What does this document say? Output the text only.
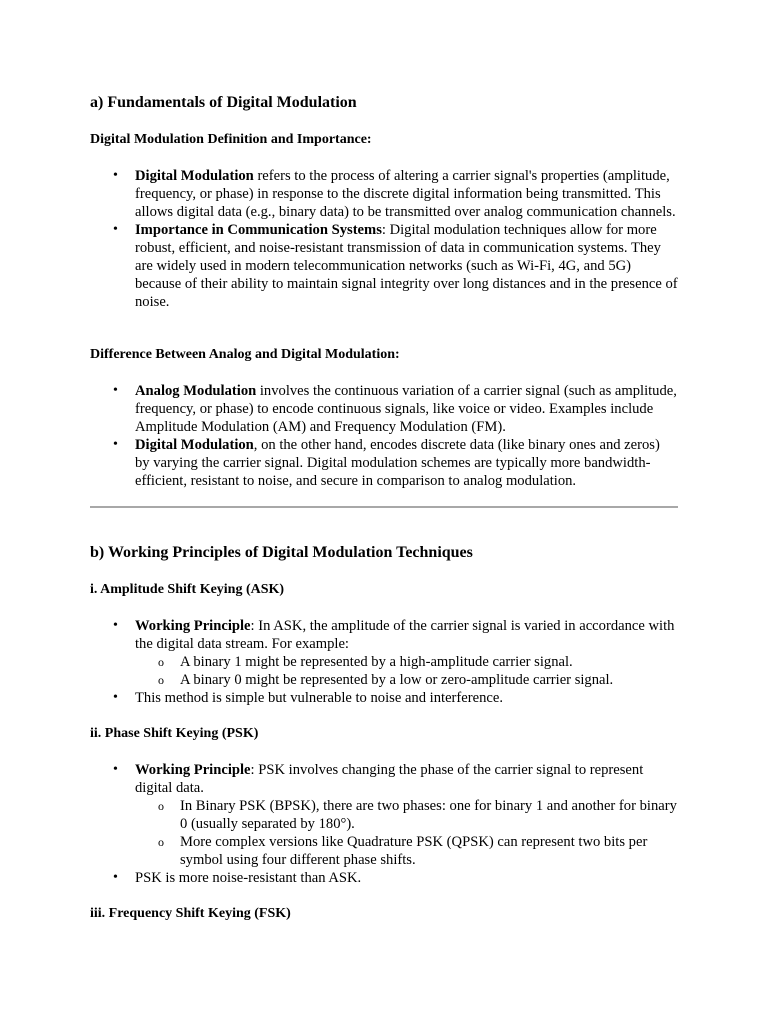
a) Fundamentals of Digital Modulation
Digital Modulation Definition and Importance:
• Digital Modulation refers to the process of altering a carrier signal's properties (amplitude, frequency, or phase) in response to the discrete digital information being transmitted. This allows digital data (e.g., binary data) to be transmitted over analog communication channels.
• Importance in Communication Systems: Digital modulation techniques allow for more robust, efficient, and noise-resistant transmission of data in communication systems. They are widely used in modern telecommunication networks (such as Wi-Fi, 4G, and 5G) because of their ability to maintain signal integrity over long distances and in the presence of noise.
Difference Between Analog and Digital Modulation:
• Analog Modulation involves the continuous variation of a carrier signal (such as amplitude, frequency, or phase) to encode continuous signals, like voice or video. Examples include Amplitude Modulation (AM) and Frequency Modulation (FM).
• Digital Modulation, on the other hand, encodes discrete data (like binary ones and zeros) by varying the carrier signal. Digital modulation schemes are typically more bandwidth-efficient, resistant to noise, and secure in comparison to analog modulation.
b) Working Principles of Digital Modulation Techniques
i. Amplitude Shift Keying (ASK)
• Working Principle: In ASK, the amplitude of the carrier signal is varied in accordance with the digital data stream. For example:
o A binary 1 might be represented by a high-amplitude carrier signal.
o A binary 0 might be represented by a low or zero-amplitude carrier signal.
• This method is simple but vulnerable to noise and interference.
ii. Phase Shift Keying (PSK)
• Working Principle: PSK involves changing the phase of the carrier signal to represent digital data.
o In Binary PSK (BPSK), there are two phases: one for binary 1 and another for binary 0 (usually separated by 180°).
o More complex versions like Quadrature PSK (QPSK) can represent two bits per symbol using four different phase shifts.
• PSK is more noise-resistant than ASK.
iii. Frequency Shift Keying (FSK)
